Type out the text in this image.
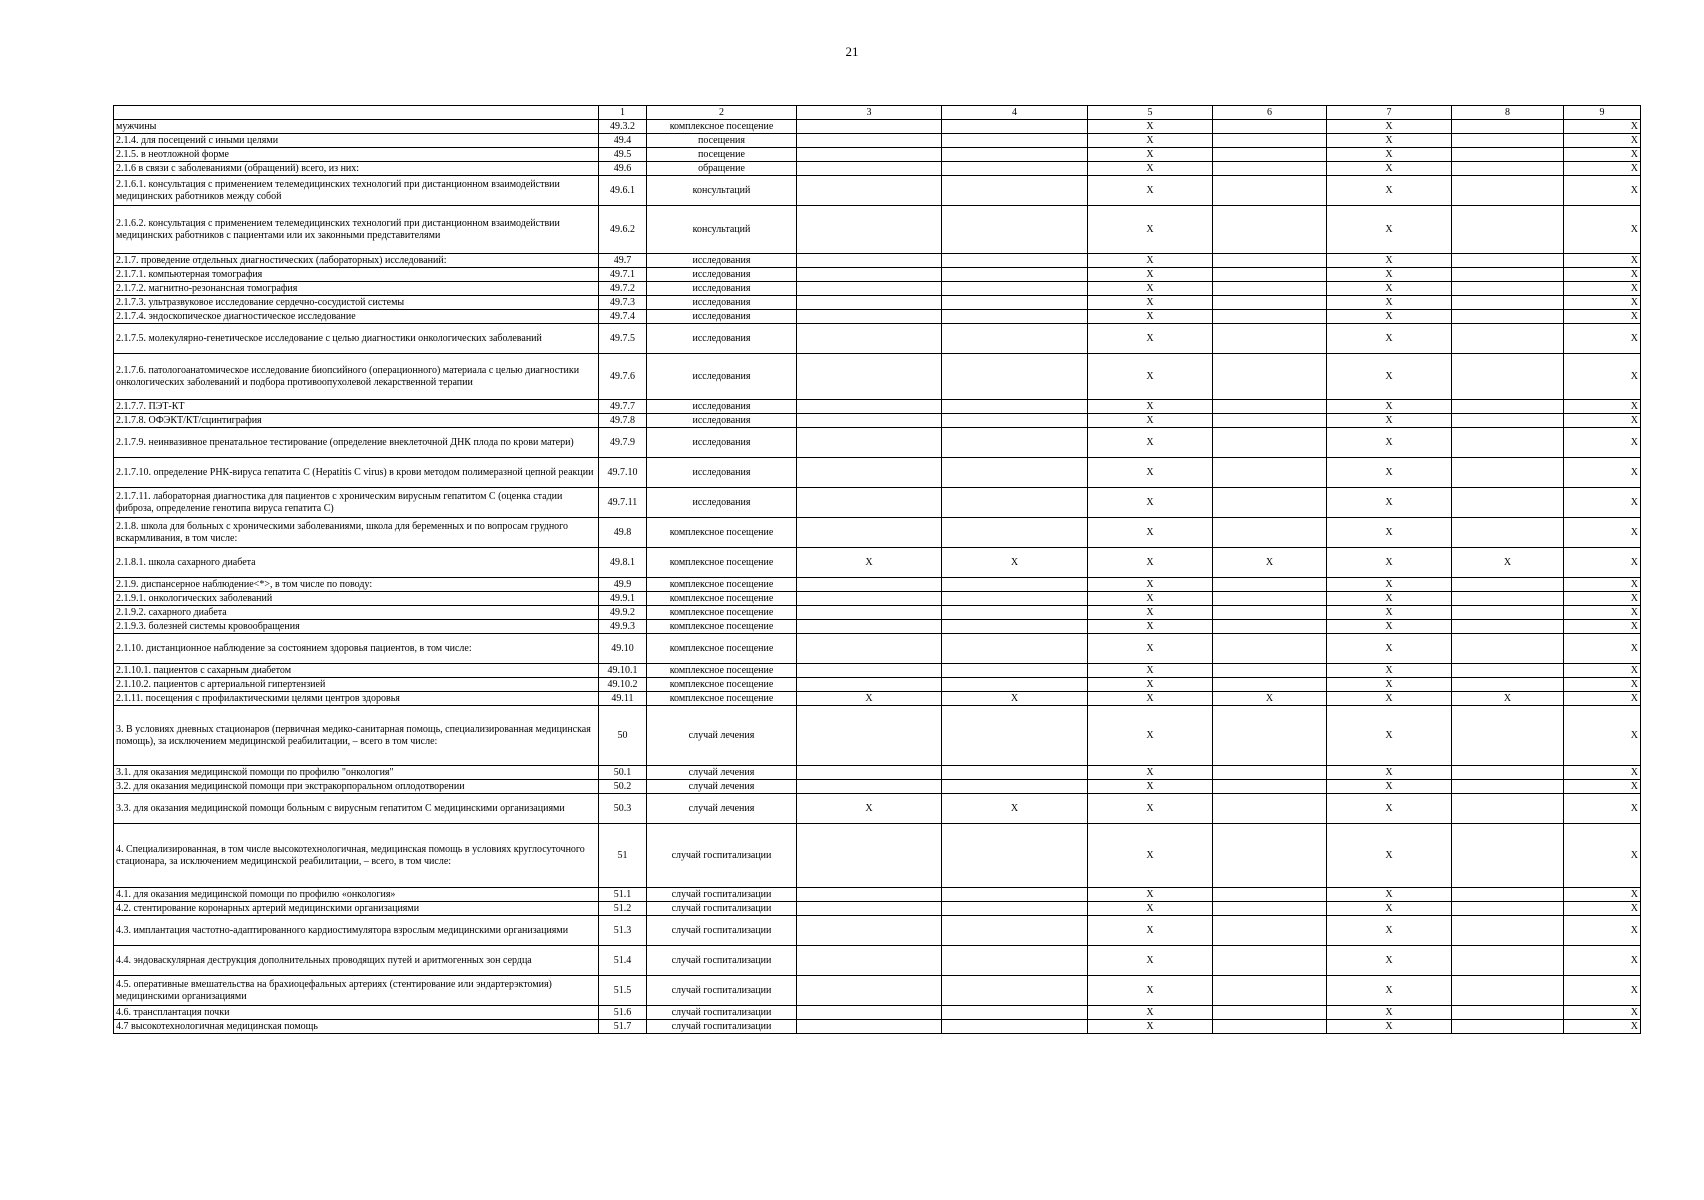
21
	1	2	3	4	5	6	7	8	9
мужчины	49.3.2	комплексное посещение			X		X		X
2.1.4. для посещений с иными целями	49.4	посещения			X		X		X
2.1.5. в неотложной форме	49.5	посещение			X		X		X
2.1.6 в связи с заболеваниями (обращений) всего, из них:	49.6	обращение			X		X		X
2.1.6.1. консультация с применением телемедицинских технологий при дистанционном взаимодействии медицинских работников между собой	49.6.1	консультаций			X		X		X
2.1.6.2. консультация с применением телемедицинских технологий при дистанционном взаимодействии медицинских работников с пациентами или их законными представителями	49.6.2	консультаций			X		X		X
2.1.7. проведение отдельных диагностических (лабораторных) исследований:	49.7	исследования			X		X		X
2.1.7.1. компьютерная томография	49.7.1	исследования			X		X		X
2.1.7.2. магнитно-резонансная томография	49.7.2	исследования			X		X		X
2.1.7.3. ультразвуковое исследование сердечно-сосудистой системы	49.7.3	исследования			X		X		X
2.1.7.4. эндоскопическое диагностическое исследование	49.7.4	исследования			X		X		X
2.1.7.5. молекулярно-генетическое исследование с целью диагностики онкологических заболеваний	49.7.5	исследования			X		X		X
2.1.7.6. патологоанатомическое исследование биопсийного (операционного) материала с целью диагностики онкологических заболеваний и подбора противоопухолевой лекарственной терапии	49.7.6	исследования			X		X		X
2.1.7.7. ПЭТ-КТ	49.7.7	исследования			X		X		X
2.1.7.8. ОФЭКТ/КТ/сцинтиграфия	49.7.8	исследования			X		X		X
2.1.7.9. неинвазивное пренатальное тестирование (определение внеклеточной ДНК плода по крови матери)	49.7.9	исследования			X		X		X
2.1.7.10. определение РНК-вируса гепатита С (Hepatitis C virus) в крови методом полимеразной цепной реакции	49.7.10	исследования			X		X		X
2.1.7.11. лабораторная диагностика для пациентов с хроническим вирусным гепатитом С (оценка стадии фиброза, определение генотипа вируса гепатита С)	49.7.11	исследования			X		X		X
2.1.8. школа для больных с хроническими заболеваниями, школа для беременных и по вопросам грудного вскармливания, в том числе:	49.8	комплексное посещение			X		X		X
2.1.8.1. школа сахарного диабета	49.8.1	комплексное посещение	X	X	X	X	X	X	X
2.1.9. диспансерное наблюдение<*>, в том числе по поводу:	49.9	комплексное посещение			X		X		X
2.1.9.1. онкологических заболеваний	49.9.1	комплексное посещение			X		X		X
2.1.9.2. сахарного диабета	49.9.2	комплексное посещение			X		X		X
2.1.9.3. болезней системы кровообращения	49.9.3	комплексное посещение			X		X		X
2.1.10. дистанционное наблюдение за состоянием здоровья пациентов, в том числе:	49.10	комплексное посещение			X		X		X
2.1.10.1. пациентов с сахарным диабетом	49.10.1	комплексное посещение			X		X		X
2.1.10.2. пациентов с артериальной гипертензией	49.10.2	комплексное посещение			X		X		X
2.1.11. посещения с профилактическими целями центров здоровья	49.11	комплексное посещение	X	X	X	X	X	X	X
3. В условиях дневных стационаров (первичная медико-санитарная помощь, специализированная медицинская помощь), за исключением медицинской реабилитации, – всего в том числе:	50	случай лечения			X		X		X
3.1. для оказания медицинской помощи по профилю "онкология"	50.1	случай лечения			X		X		X
3.2. для оказания медицинской помощи при экстракорпоральном оплодотворении	50.2	случай лечения			X		X		X
3.3. для оказания медицинской помощи больным с вирусным гепатитом С медицинскими организациями	50.3	случай лечения	X	X	X		X		X
4. Специализированная, в том числе высокотехнологичная, медицинская помощь в условиях круглосуточного стационара, за исключением медицинской реабилитации, – всего, в том числе:	51	случай госпитализации			X		X		X
4.1. для оказания медицинской помощи по профилю «онкология»	51.1	случай госпитализации			X		X		X
4.2. стентирование коронарных артерий медицинскими организациями	51.2	случай госпитализации			X		X		X
4.3. имплантация частотно-адаптированного кардиостимулятора взрослым медицинскими организациями	51.3	случай госпитализации			X		X		X
4.4. эндоваскулярная деструкция дополнительных проводящих путей и аритмогенных зон сердца	51.4	случай госпитализации			X		X		X
4.5. оперативные вмешательства на брахиоцефальных артериях (стентирование или эндартерэктомия) медицинскими организациями	51.5	случай госпитализации			X		X		X
4.6. трансплантация почки	51.6	случай госпитализации			X		X		X
4.7 высокотехнологичная медицинская помощь	51.7	случай госпитализации			X		X		X
